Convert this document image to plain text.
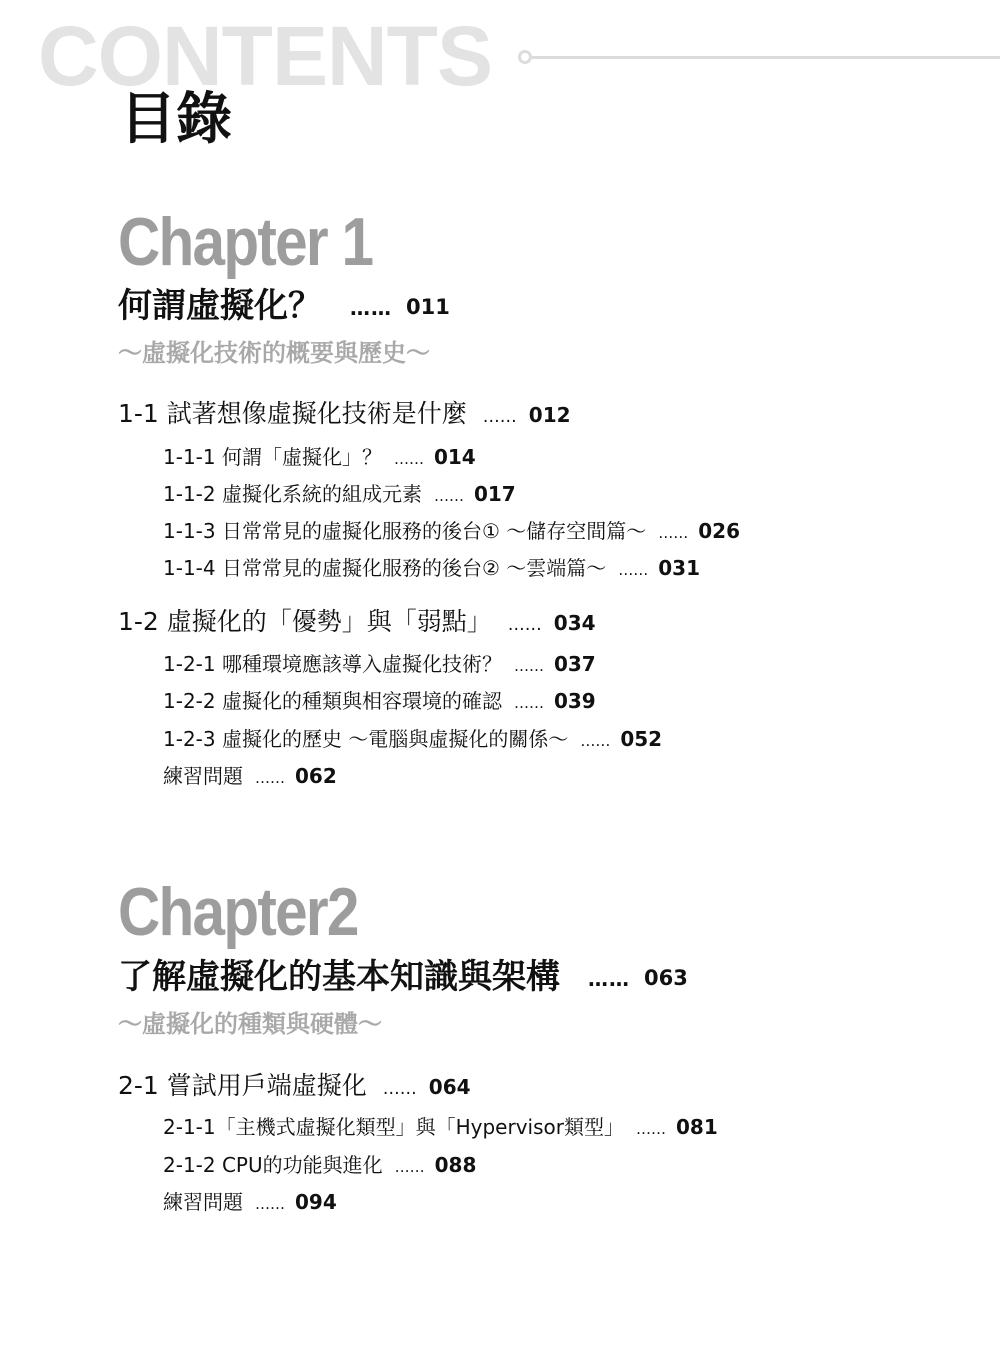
CONTENTS
目錄
Chapter 1
何謂虛擬化？ …… 011
～虛擬化技術的概要與歷史～
1-1 試著想像虛擬化技術是什麼 …… 012
1-1-1 何謂「虛擬化」？ …… 014
1-1-2 虛擬化系統的組成元素 …… 017
1-1-3 日常常見的虛擬化服務的後台① ～儲存空間篇～ …… 026
1-1-4 日常常見的虛擬化服務的後台② ～雲端篇～ …… 031
1-2 虛擬化的「優勢」與「弱點」 …… 034
1-2-1 哪種環境應該導入虛擬化技術？ …… 037
1-2-2 虛擬化的種類與相容環境的確認 …… 039
1-2-3 虛擬化的歷史 ～電腦與虛擬化的關係～ …… 052
練習問題 …… 062
Chapter2
了解虛擬化的基本知識與架構 …… 063
～虛擬化的種類與硬體～
2-1 嘗試用戶端虛擬化 …… 064
2-1-1「主機式虛擬化類型」與「Hypervisor類型」 …… 081
2-1-2 CPU的功能與進化 …… 088
練習問題 …… 094
